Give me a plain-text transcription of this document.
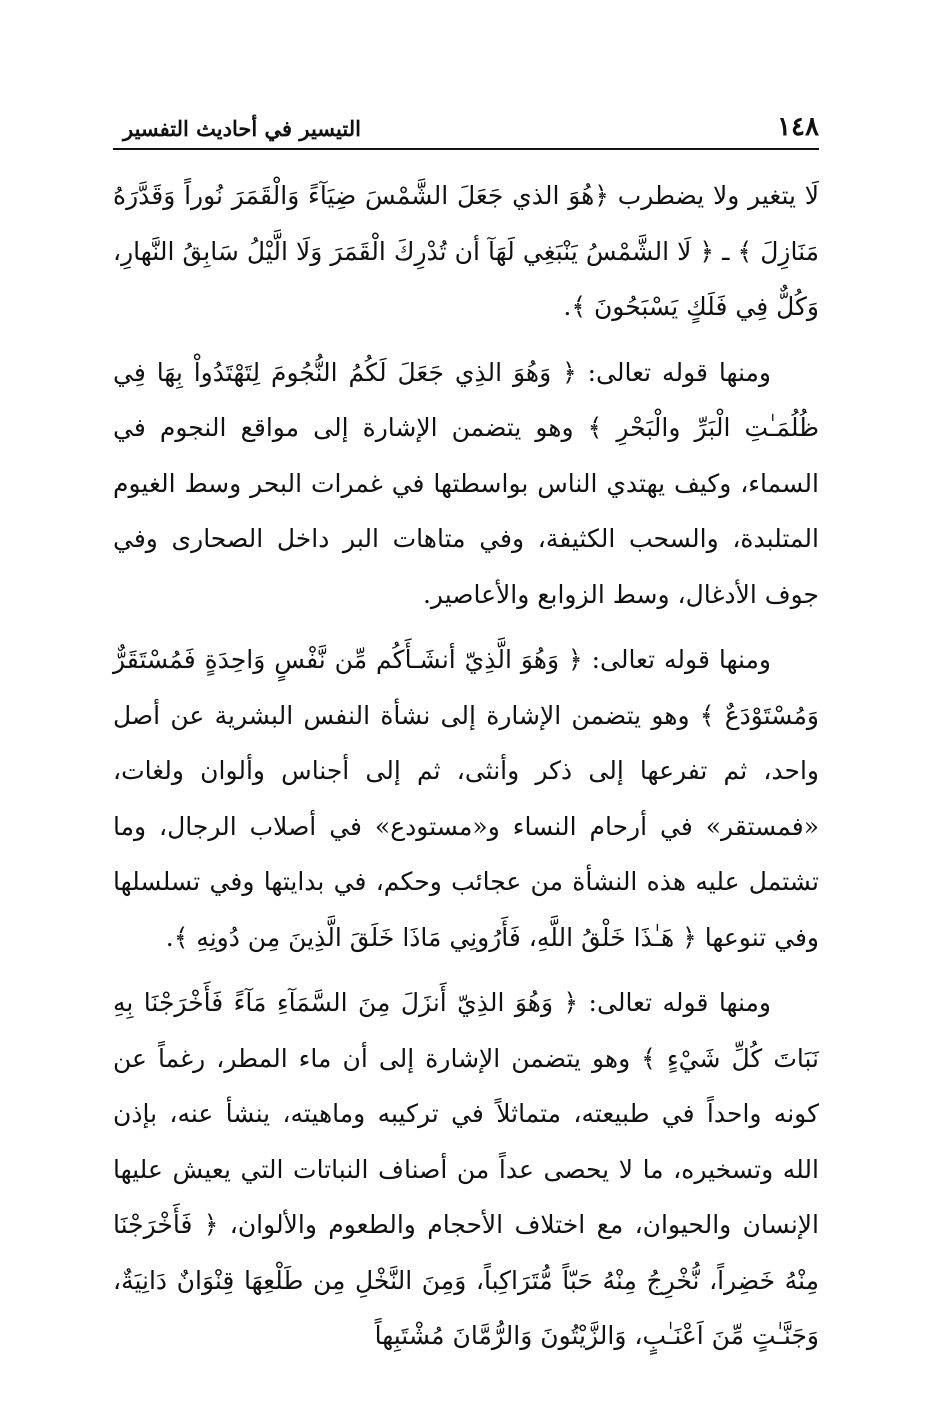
١٤٨
التيسير في أحاديث التفسير

لَا يتغير ولا يضطرب ﴿هُوَ الذي جَعَلَ الشَّمْسَ ضِيَآءً وَالْقَمَرَ نُوراً وَقَدَّرَهُ مَنَازِلَ ﴾ ـ ﴿ لَا الشَّمْسُ يَنْبَغِي لَهَآ أن تُدْرِكَ الْقَمَرَ وَلَا الَّيْلُ سَابِقُ النَّهارِ، وَكُلٌّ فِي فَلَكٍ يَسْبَحُونَ ﴾.

ومنها قوله تعالى: ﴿ وَهُوَ الذِي جَعَلَ لَكُمُ النُّجُومَ لِتَهْتَدُواْ بِهَا فِي ظُلُمَـٰتِ الْبَرِّ والْبَحْرِ ﴾ وهو يتضمن الإشارة إلى مواقع النجوم في السماء، وكيف يهتدي الناس بواسطتها في غمرات البحر وسط الغيوم المتلبدة، والسحب الكثيفة، وفي متاهات البر داخل الصحارى وفي جوف الأدغال، وسط الزوابع والأعاصير.

ومنها قوله تعالى: ﴿ وَهُوَ الَّذِيّ أنشَـأَكُم مِّن نَّفْسٍ وَاحِدَةٍ فَمُسْتَقَرٌّ وَمُسْتَوْدَعٌ ﴾ وهو يتضمن الإشارة إلى نشأة النفس البشرية عن أصل واحد، ثم تفرعها إلى ذكر وأنثى، ثم إلى أجناس وألوان ولغات، «فمستقر» في أرحام النساء و«مستودع» في أصلاب الرجال، وما تشتمل عليه هذه النشأة من عجائب وحكم، في بدايتها وفي تسلسلها وفي تنوعها ﴿ هَـٰذَا خَلْقُ اللَّهِ، فَأَرُونِي مَاذَا خَلَقَ الَّذِينَ مِن دُونِهِ ﴾.

ومنها قوله تعالى: ﴿ وَهُوَ الذِيّ أَنزَلَ مِنَ السَّمَآءِ مَآءً فَأَخْرَجْنَا بِهِ نَبَاتَ كُلِّ شَيْءٍ ﴾ وهو يتضمن الإشارة إلى أن ماء المطر، رغماً عن كونه واحداً في طبيعته، متماثلاً في تركيبه وماهيته، ينشأ عنه، بإذن الله وتسخيره، ما لا يحصى عداً من أصناف النباتات التي يعيش عليها الإنسان والحيوان، مع اختلاف الأحجام والطعوم والألوان، ﴿ فَأَخْرَجْنَا مِنْهُ خَضِراً، نُّخْرِجُ مِنْهُ حَبّاً مُّتَرَاكِباً، وَمِنَ النَّخْلِ مِن طَلْعِهَا قِنْوَانٌ دَانِيَةٌ، وَجَنَّـٰتٍ مِّنَ اَعْنَـٰبٍ، وَالزَّيْتُونَ وَالرُّمَّانَ مُشْتَبِهاً
